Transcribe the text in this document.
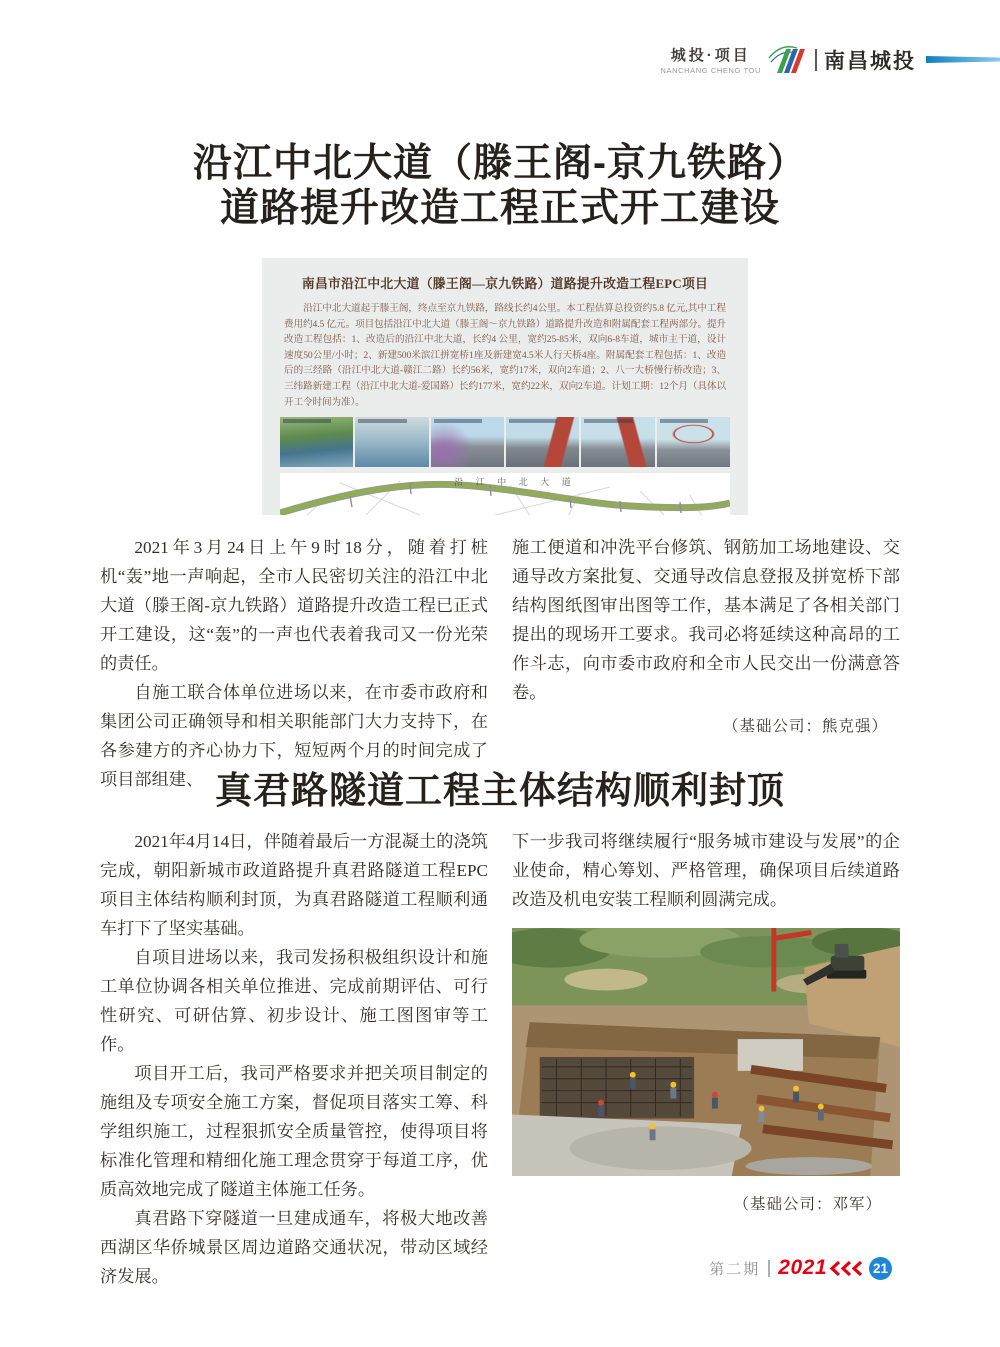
城投·项目
NANCHANG CHENG TOU	南昌城投
沿江中北大道（滕王阁-京九铁路）
道路提升改造工程正式开工建设
南昌市沿江中北大道（滕王阁—京九铁路）道路提升改造工程EPC项目
沿江中北大道起于滕王阁，终点至京九铁路，路线长约4公里。本工程估算总投资约5.8 亿元,其中工程费用约4.5 亿元。项目包括沿江中北大道（滕王阁～京九铁路）道路提升改造和附属配套工程两部分。提升改造工程包括：1、改造后的沿江中北大道，长约4 公里，宽约25-85米，双向6-8车道，城市主干道，设计速度50公里/小时；2、新建500米滨江拼宽桥1座及新建宽4.5米人行天桥4座。附属配套工程包括：1、改造后的三经路（沿江中北大道-赣江二路）长约56米，宽约17米，双向2车道；2、八一大桥慢行桥改造；3、三纬路新建工程（沿江中北大道-爱国路）长约177米，宽约22米，双向2车道。计划工期：12个月（具体以开工令时间为准）。
沿 江 中 北 大 道

2021年3月24日上午9时18分，随着打桩机“轰”地一声响起，全市人民密切关注的沿江中北大道（滕王阁-京九铁路）道路提升改造工程已正式开工建设，这“轰”的一声也代表着我司又一份光荣的责任。

自施工联合体单位进场以来，在市委市政府和集团公司正确领导和相关职能部门大力支持下，在各参建方的齐心协力下，短短两个月的时间完成了项目部组建、

施工便道和冲洗平台修筑、钢筋加工场地建设、交通导改方案批复、交通导改信息登报及拼宽桥下部结构图纸图审出图等工作，基本满足了各相关部门提出的现场开工要求。我司必将延续这种高昂的工作斗志，向市委市政府和全市人民交出一份满意答卷。

（基础公司：熊克强）
真君路隧道工程主体结构顺利封顶

2021年4月14日，伴随着最后一方混凝土的浇筑完成，朝阳新城市政道路提升真君路隧道工程EPC项目主体结构顺利封顶，为真君路隧道工程顺利通车打下了坚实基础。

自项目进场以来，我司发扬积极组织设计和施工单位协调各相关单位推进、完成前期评估、可行性研究、可研估算、初步设计、施工图图审等工作。

项目开工后，我司严格要求并把关项目制定的施组及专项安全施工方案，督促项目落实工筹、科学组织施工，过程狠抓安全质量管控，使得项目将标准化管理和精细化施工理念贯穿于每道工序，优质高效地完成了隧道主体施工任务。

真君路下穿隧道一旦建成通车，将极大地改善西湖区华侨城景区周边道路交通状况，带动区域经济发展。

下一步我司将继续履行“服务城市建设与发展”的企业使命，精心筹划、严格管理，确保项目后续道路改造及机电安装工程顺利圆满完成。

（基础公司：邓军）
第二期 2021	21
